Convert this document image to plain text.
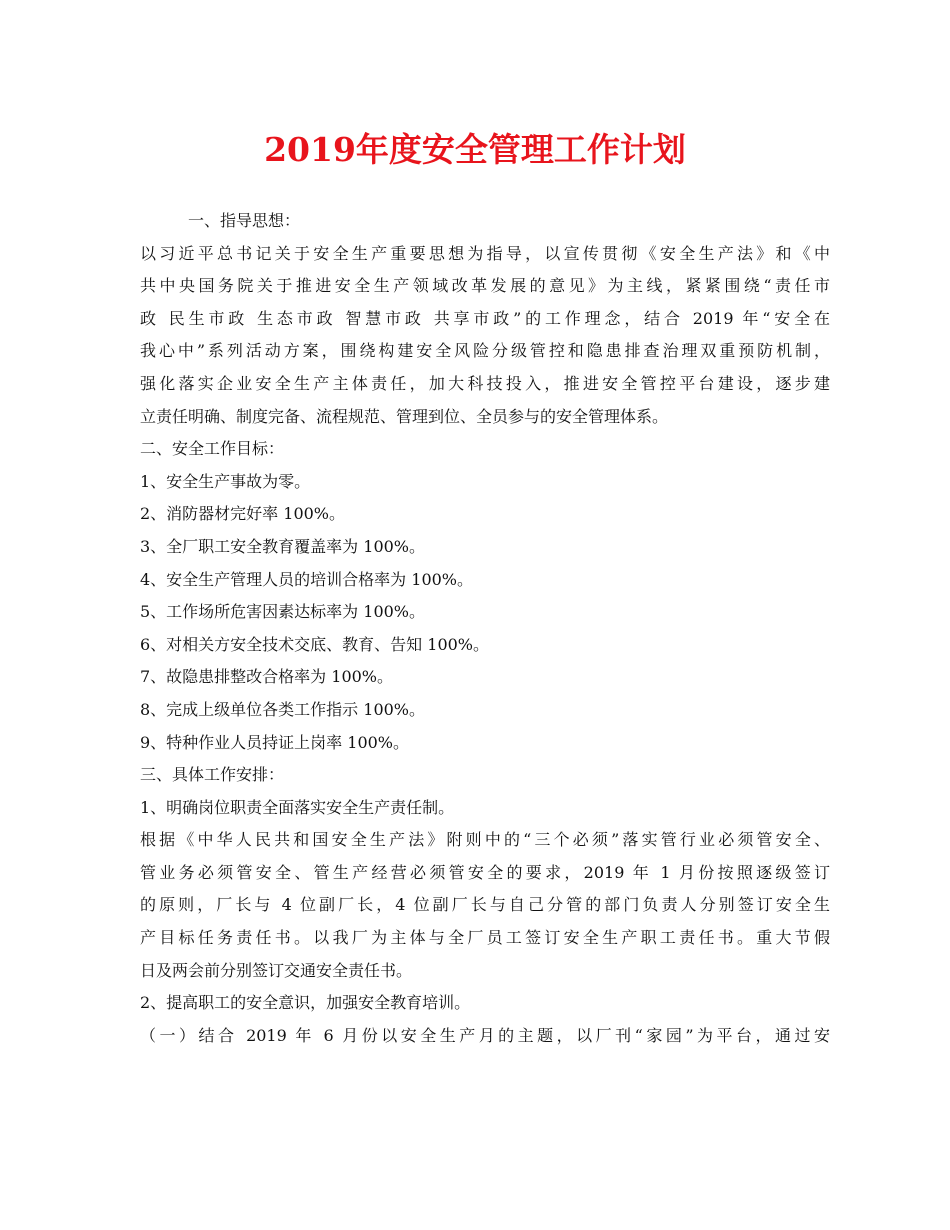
2019年度安全管理工作计划
一、指导思想：
以习近平总书记关于安全生产重要思想为指导，以宣传贯彻《安全生产法》和《中
共中央国务院关于推进安全生产领域改革发展的意见》为主线，紧紧围绕“责任市
政 民生市政 生态市政 智慧市政 共享市政”的工作理念，结合 2019 年“安全在
我心中”系列活动方案，围绕构建安全风险分级管控和隐患排查治理双重预防机制，
强化落实企业安全生产主体责任，加大科技投入，推进安全管控平台建设，逐步建
立责任明确、制度完备、流程规范、管理到位、全员参与的安全管理体系。
二、安全工作目标：
1、安全生产事故为零。
2、消防器材完好率 100%。
3、全厂职工安全教育覆盖率为 100%。
4、安全生产管理人员的培训合格率为 100%。
5、工作场所危害因素达标率为 100%。
6、对相关方安全技术交底、教育、告知 100%。
7、故隐患排整改合格率为 100%。
8、完成上级单位各类工作指示 100%。
9、特种作业人员持证上岗率 100%。
三、具体工作安排：
1、明确岗位职责全面落实安全生产责任制。
根据《中华人民共和国安全生产法》附则中的“三个必须”落实管行业必须管安全、
管业务必须管安全、管生产经营必须管安全的要求，2019 年 1 月份按照逐级签订
的原则，厂长与 4 位副厂长，4 位副厂长与自己分管的部门负责人分别签订安全生
产目标任务责任书。以我厂为主体与全厂员工签订安全生产职工责任书。重大节假
日及两会前分别签订交通安全责任书。
2、提高职工的安全意识，加强安全教育培训。
（一）结合 2019 年 6 月份以安全生产月的主题，以厂刊“家园”为平台，通过安
